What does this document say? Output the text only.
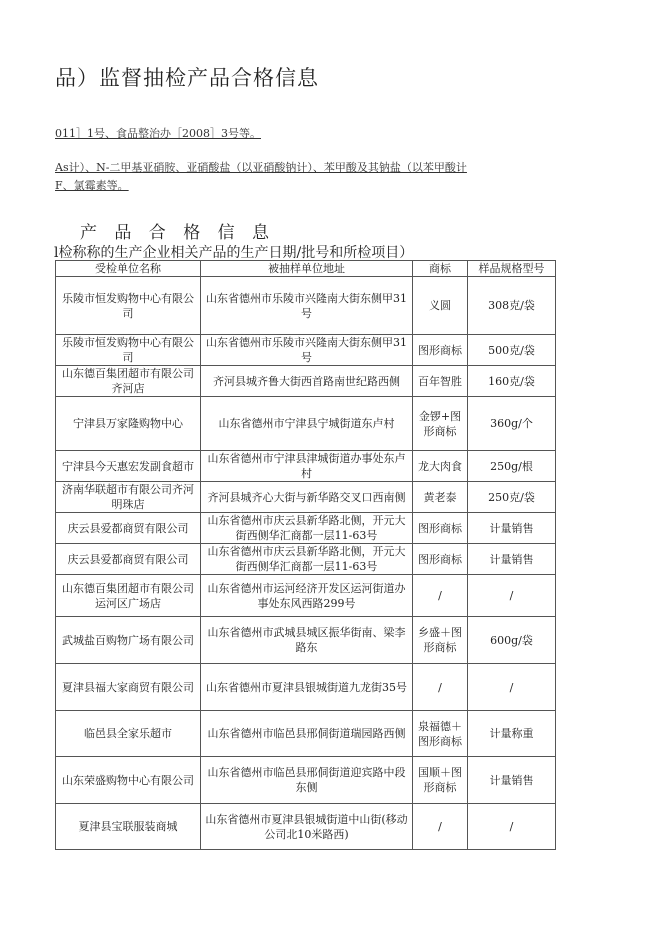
品）监督抽检产品合格信息
011］1号、食品整治办［2008］3号等。
As计）、N-二甲基亚硝胺、亚硝酸盐（以亚硝酸钠计）、苯甲酸及其钠盐（以苯甲酸计
F、氯霉素等。
产 品 合 格 信 息
l检称称的生产企业相关产品的生产日期/批号和所检项目）
受检单位名称	被抽样单位地址	商标	样品规格型号
乐陵市恒发购物中心有限公司	山东省德州市乐陵市兴隆南大街东侧甲31号	义圆	308克/袋
乐陵市恒发购物中心有限公司	山东省德州市乐陵市兴隆南大街东侧甲31号	图形商标	500克/袋
山东德百集团超市有限公司齐河店	齐河县城齐鲁大街西首路南世纪路西侧	百年智胜	160克/袋
宁津县万家隆购物中心	山东省德州市宁津县宁城街道东卢村	金锣+图形商标	360g/个
宁津县今天惠宏发副食超市	山东省德州市宁津县津城街道办事处东卢村	龙大肉食	250g/根
济南华联超市有限公司齐河明珠店	齐河县城齐心大街与新华路交叉口西南侧	黄老泰	250克/袋
庆云县爱都商贸有限公司	山东省德州市庆云县新华路北侧，开元大街西侧华汇商都一层11-63号	图形商标	计量销售
庆云县爱都商贸有限公司	山东省德州市庆云县新华路北侧，开元大街西侧华汇商都一层11-63号	图形商标	计量销售
山东德百集团超市有限公司运河区广场店	山东省德州市运河经济开发区运河街道办事处东风西路299号	/	/
武城盐百购物广场有限公司	山东省德州市武城县城区振华街南、梁李路东	乡盛＋图形商标	600g/袋
夏津县福大家商贸有限公司	山东省德州市夏津县银城街道九龙街35号	/	/
临邑县全家乐超市	山东省德州市临邑县邢侗街道瑞园路西侧	泉福德＋图形商标	计量称重
山东荣盛购物中心有限公司	山东省德州市临邑县邢侗街道迎宾路中段东侧	国顺＋图形商标	计量销售
夏津县宝联服装商城	山东省德州市夏津县银城街道中山街(移动公司北10米路西)	/	/
